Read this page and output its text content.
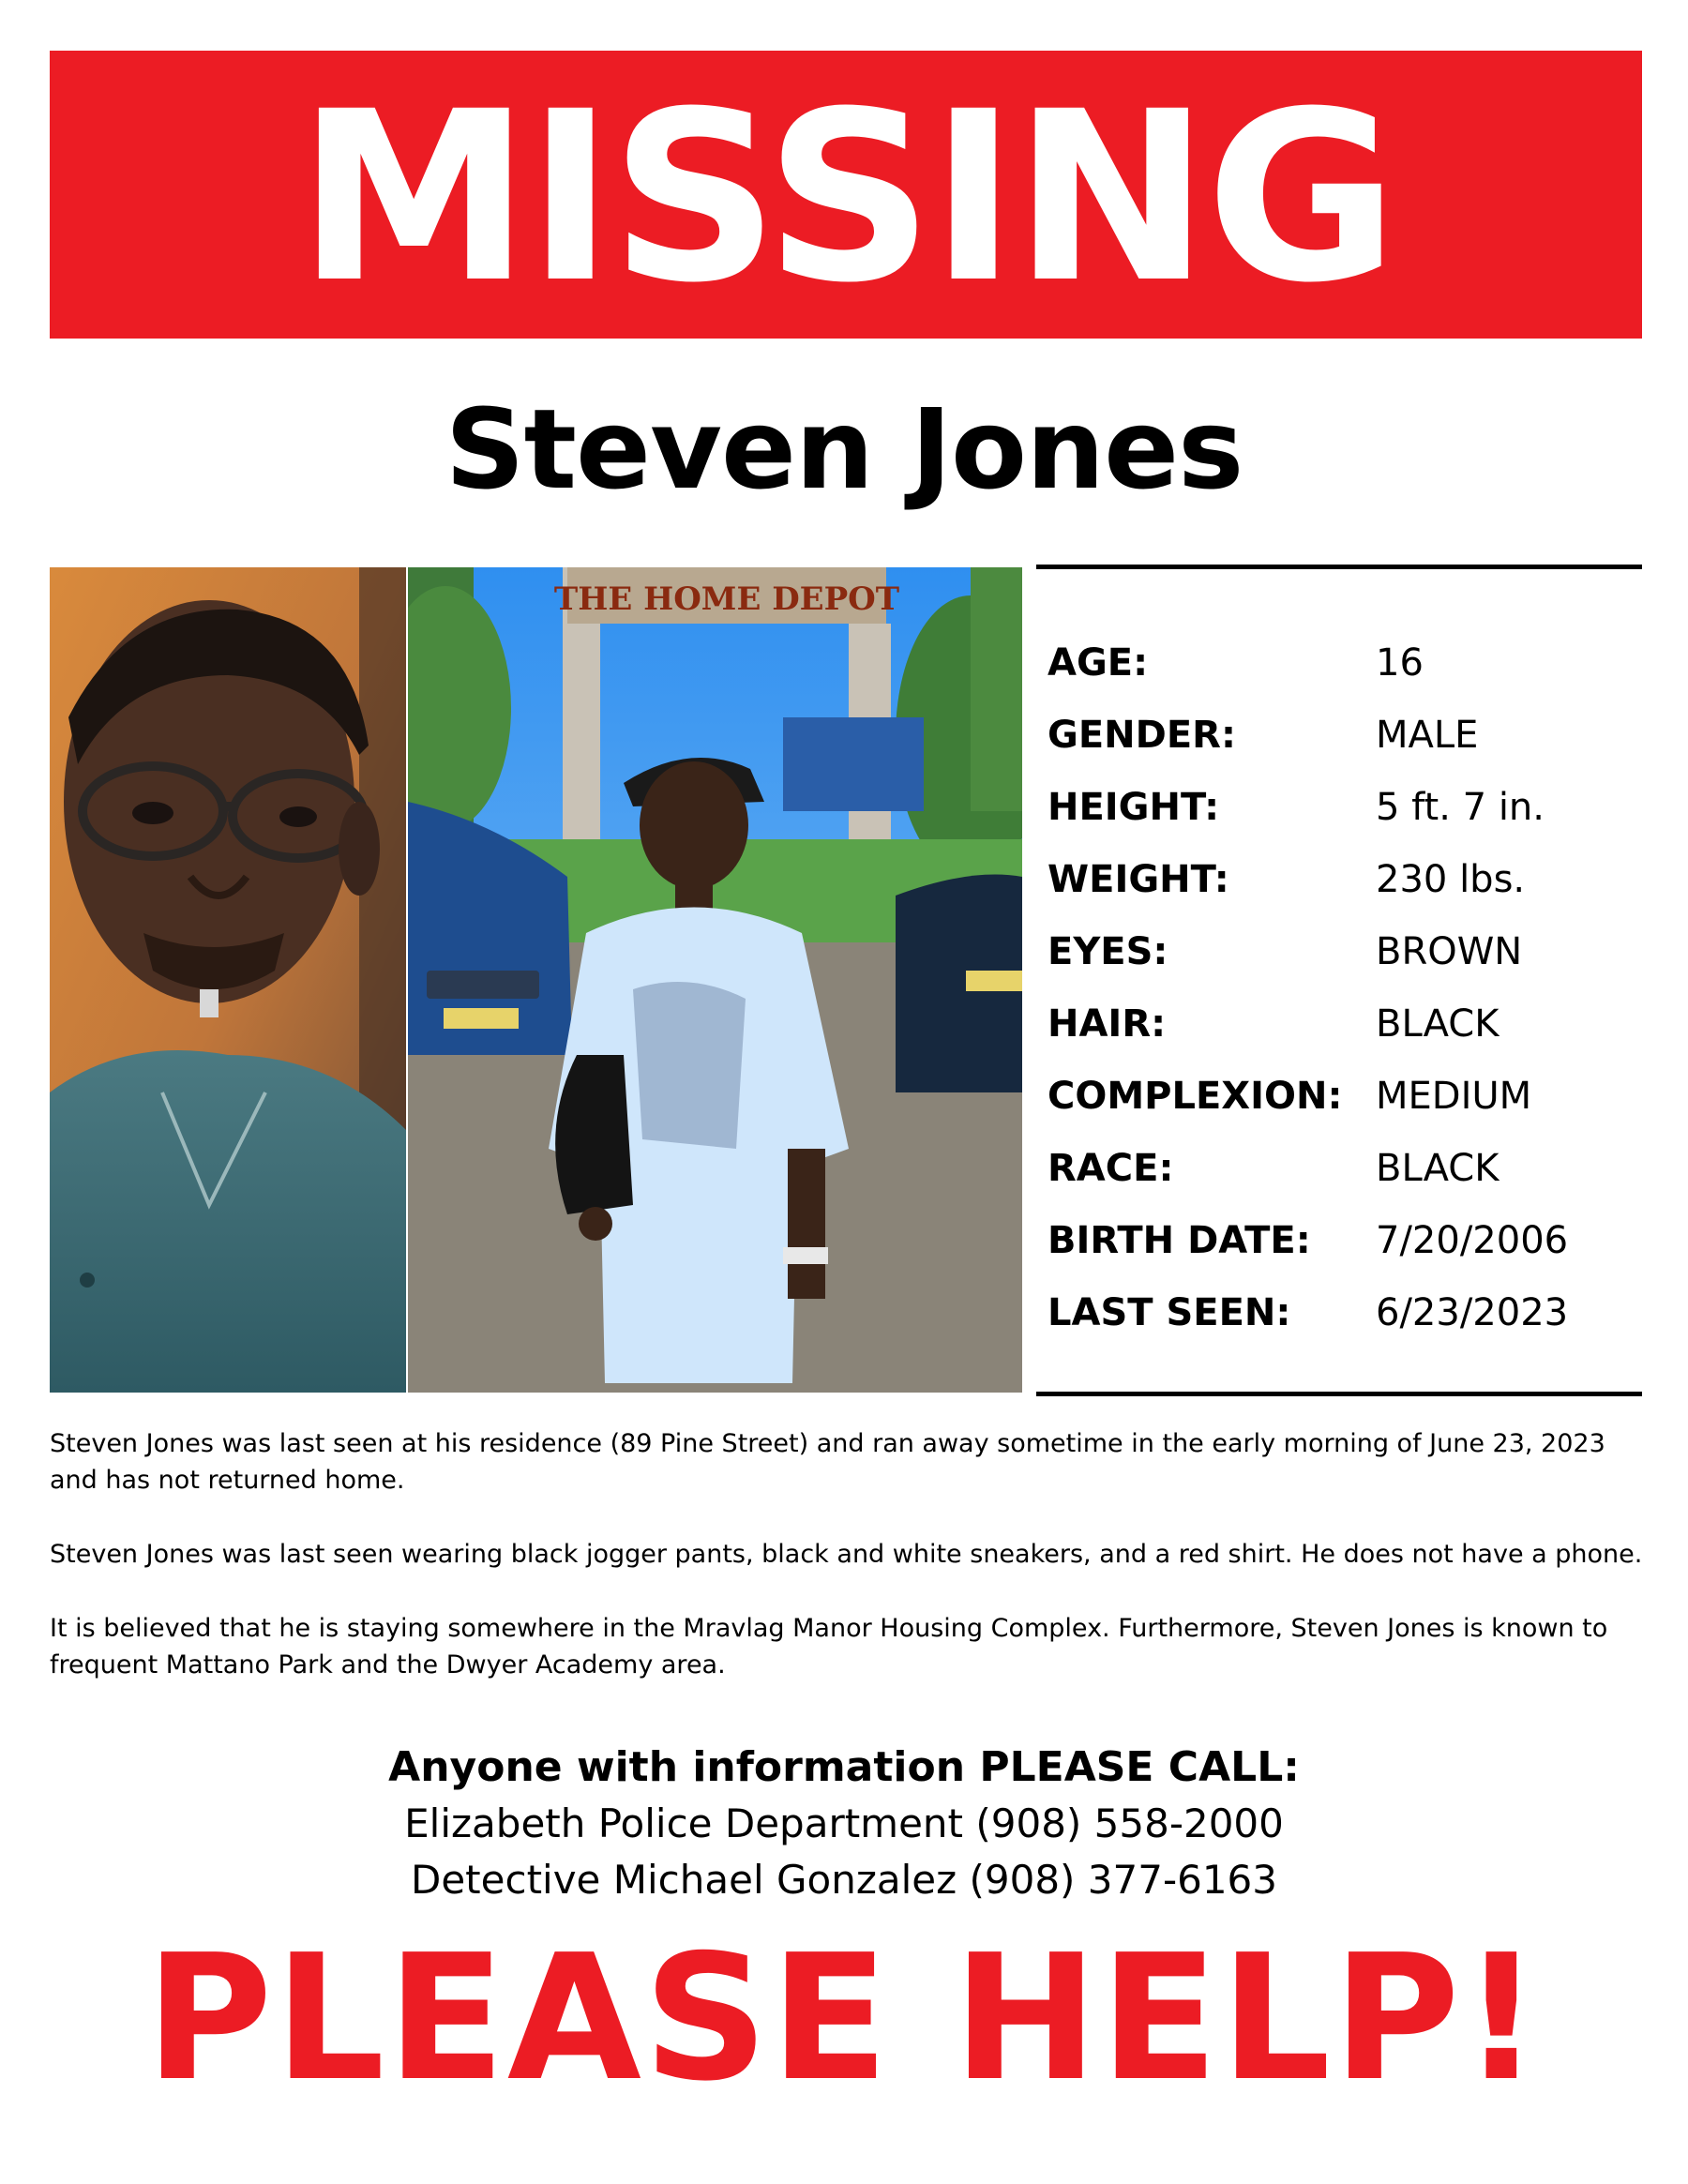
MISSING
Steven Jones
THE HOME DEPOT
AGE:	16
GENDER:	MALE
HEIGHT:	5 ft. 7 in.
WEIGHT:	230 lbs.
EYES:	BROWN
HAIR:	BLACK
COMPLEXION: MEDIUM
RACE:	BLACK
BIRTH DATE:	7/20/2006
LAST SEEN:	6/23/2023

Steven Jones was last seen at his residence (89 Pine Street) and ran away sometime in the early morning of June 23, 2023 and has not returned home.

Steven Jones was last seen wearing black jogger pants, black and white sneakers, and a red shirt. He does not have a phone.

It is believed that he is staying somewhere in the Mravlag Manor Housing Complex. Furthermore, Steven Jones is known to frequent Mattano Park and the Dwyer Academy area.

Anyone with information PLEASE CALL:
Elizabeth Police Department (908) 558-2000
Detective Michael Gonzalez (908) 377-6163
PLEASE HELP!
